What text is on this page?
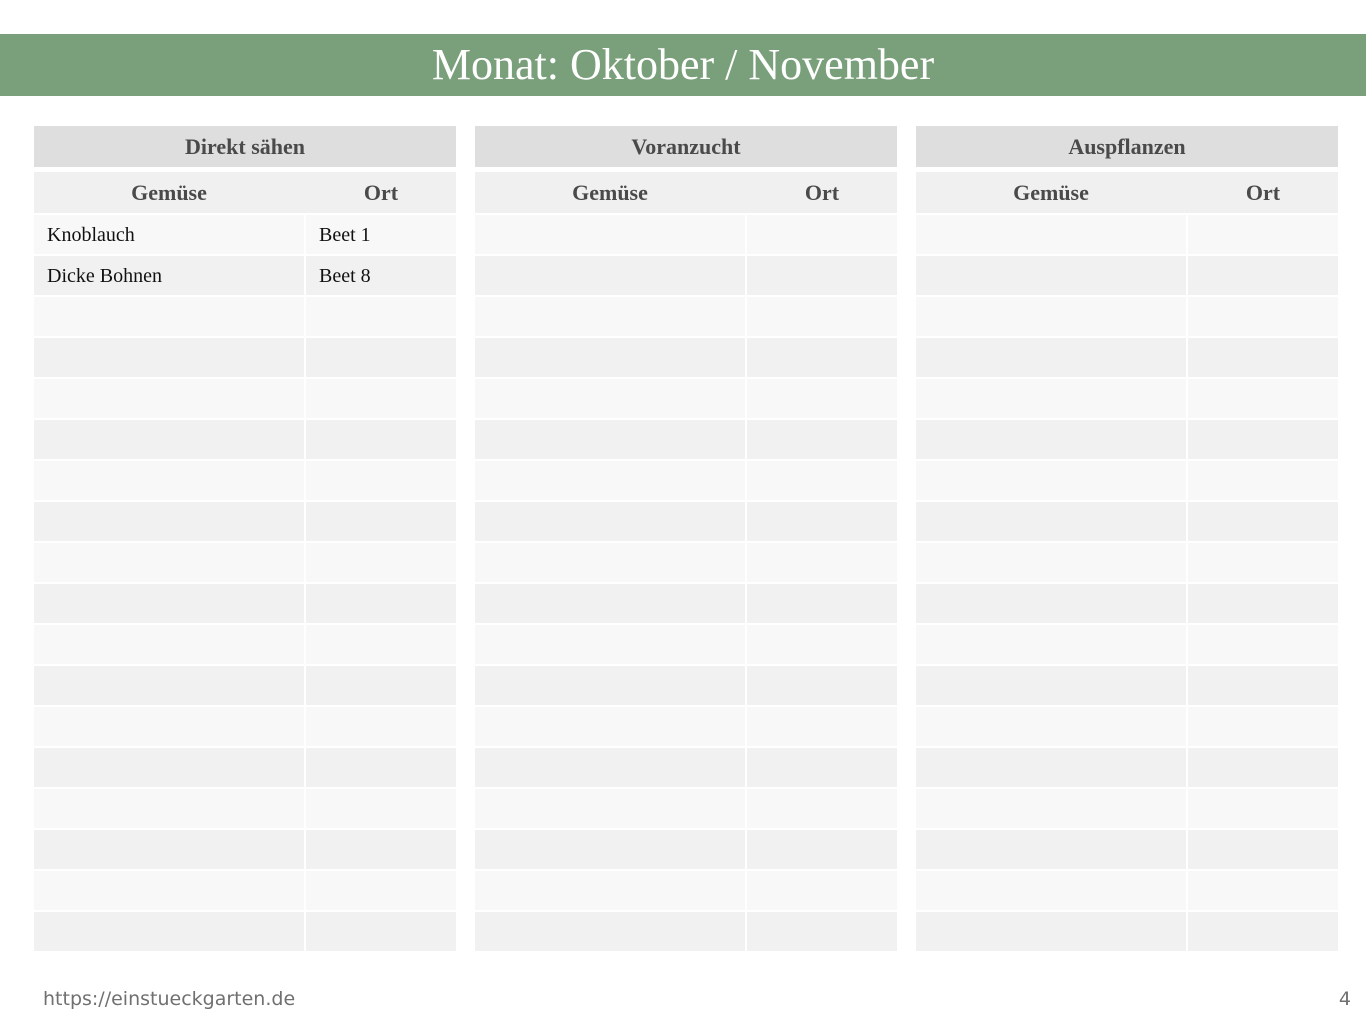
Monat: Oktober / November
Direkt sähen
Gemüse	Ort
Knoblauch	Beet 1
Dicke Bohnen	Beet 8
Voranzucht
Gemüse	Ort
Auspflanzen
Gemüse	Ort
https://einstueckgarten.de	4
